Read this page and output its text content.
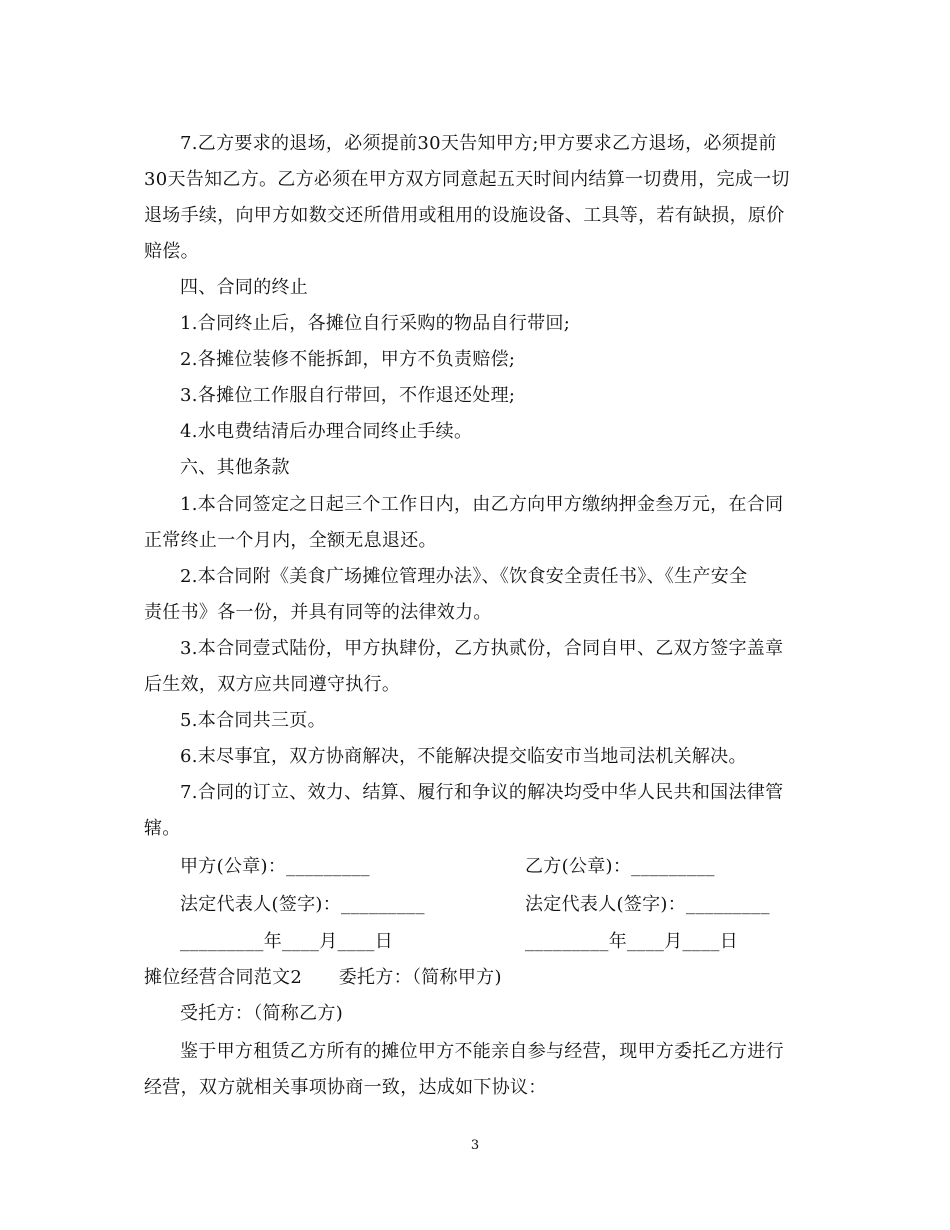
7.乙方要求的退场，必须提前30天告知甲方;甲方要求乙方退场，必须提前
30天告知乙方。乙方必须在甲方双方同意起五天时间内结算一切费用，完成一切
退场手续，向甲方如数交还所借用或租用的设施设备、工具等，若有缺损，原价
赔偿。
四、合同的终止
1.合同终止后，各摊位自行采购的物品自行带回;
2.各摊位装修不能拆卸，甲方不负责赔偿;
3.各摊位工作服自行带回，不作退还处理;
4.水电费结清后办理合同终止手续。
六、其他条款
1.本合同签定之日起三个工作日内，由乙方向甲方缴纳押金叁万元，在合同
正常终止一个月内，全额无息退还。
2.本合同附《美食广场摊位管理办法》、《饮食安全责任书》、《生产安全
责任书》各一份，并具有同等的法律效力。
3.本合同壹式陆份，甲方执肆份，乙方执贰份，合同自甲、乙双方签字盖章
后生效，双方应共同遵守执行。
5.本合同共三页。
6.末尽事宜，双方协商解决，不能解决提交临安市当地司法机关解决。
7.合同的订立、效力、结算、履行和争议的解决均受中华人民共和国法律管
辖。
甲方(公章)：_________	乙方(公章)：_________
法定代表人(签字)：_________	法定代表人(签字)：_________
_________年____月____日	_________年____月____日
摊位经营合同范文2　　委托方：（简称甲方)
受托方：（简称乙方)
鉴于甲方租赁乙方所有的摊位甲方不能亲自参与经营，现甲方委托乙方进行
经营，双方就相关事项协商一致，达成如下协议：
3
